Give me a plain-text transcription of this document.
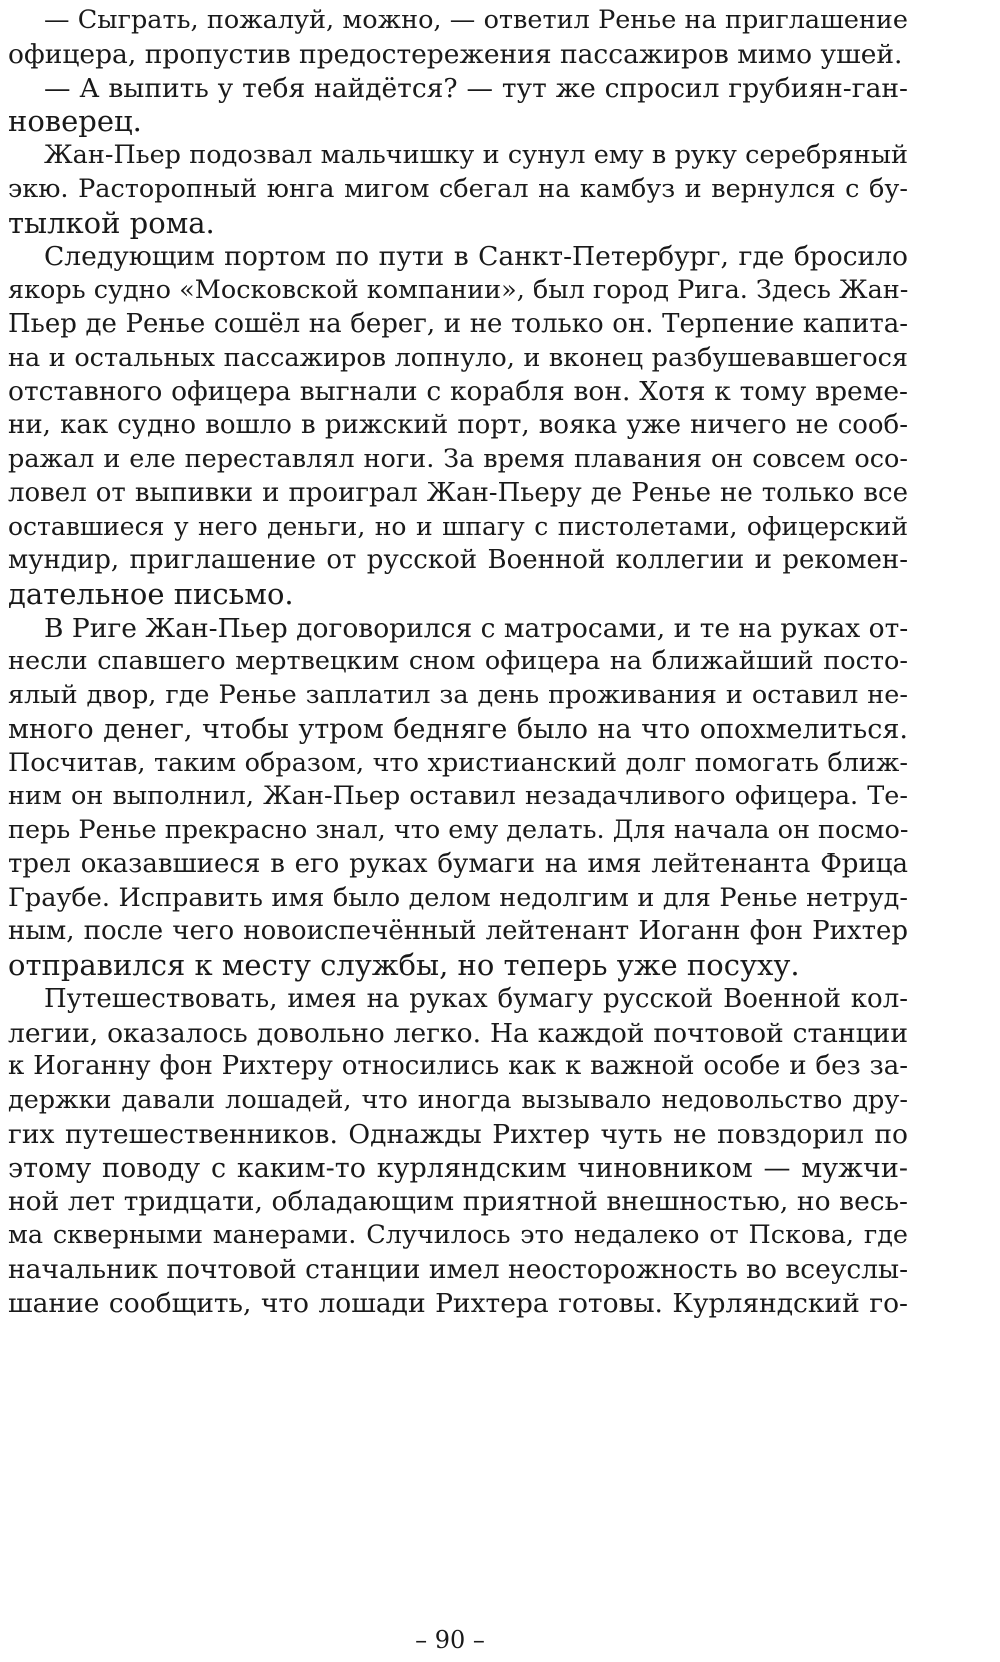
— Сыграть, пожалуй, можно, — ответил Ренье на приглашение
офицера, пропустив предостережения пассажиров мимо ушей.
— А выпить у тебя найдётся? — тут же спросил грубиян-ган-
новерец.
Жан-Пьер подозвал мальчишку и сунул ему в руку серебряный
экю. Расторопный юнга мигом сбегал на камбуз и вернулся с бу-
тылкой рома.
Следующим портом по пути в Санкт-Петербург, где бросило
якорь судно «Московской компании», был город Рига. Здесь Жан-
Пьер де Ренье сошёл на берег, и не только он. Терпение капита-
на и остальных пассажиров лопнуло, и вконец разбушевавшегося
отставного офицера выгнали с корабля вон. Хотя к тому време-
ни, как судно вошло в рижский порт, вояка уже ничего не сооб-
ражал и еле переставлял ноги. За время плавания он совсем осо-
ловел от выпивки и проиграл Жан-Пьеру де Ренье не только все
оставшиеся у него деньги, но и шпагу с пистолетами, офицерский
мундир, приглашение от русской Военной коллегии и рекомен-
дательное письмо.
В Риге Жан-Пьер договорился с матросами, и те на руках от-
несли спавшего мертвецким сном офицера на ближайший посто-
ялый двор, где Ренье заплатил за день проживания и оставил не-
много денег, чтобы утром бедняге было на что опохмелиться.
Посчитав, таким образом, что христианский долг помогать ближ-
ним он выполнил, Жан-Пьер оставил незадачливого офицера. Те-
перь Ренье прекрасно знал, что ему делать. Для начала он посмо-
трел оказавшиеся в его руках бумаги на имя лейтенанта Фрица
Граубе. Исправить имя было делом недолгим и для Ренье нетруд-
ным, после чего новоиспечённый лейтенант Иоганн фон Рихтер
отправился к месту службы, но теперь уже посуху.
Путешествовать, имея на руках бумагу русской Военной кол-
легии, оказалось довольно легко. На каждой почтовой станции
к Иоганну фон Рихтеру относились как к важной особе и без за-
держки давали лошадей, что иногда вызывало недовольство дру-
гих путешественников. Однажды Рихтер чуть не повздорил по
этому поводу с каким-то курляндским чиновником — мужчи-
ной лет тридцати, обладающим приятной внешностью, но весь-
ма скверными манерами. Случилось это недалеко от Пскова, где
начальник почтовой станции имел неосторожность во всеуслы-
шание сообщить, что лошади Рихтера готовы. Курляндский го-
– 90 –
